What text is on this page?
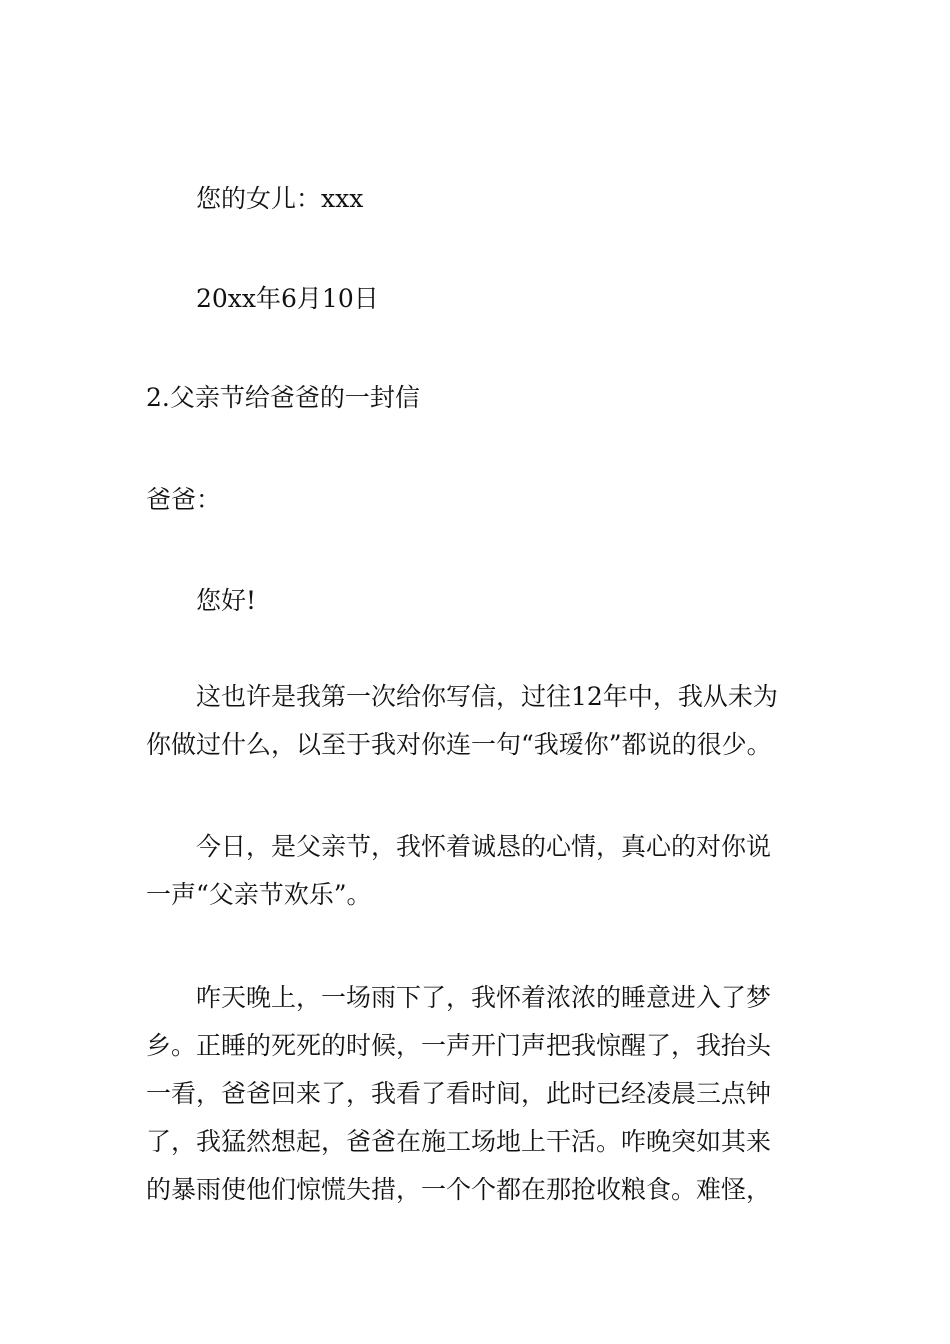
您的女儿：xxx
20xx年6月10日
2.父亲节给爸爸的一封信
爸爸：
您好!
这也许是我第一次给你写信，过往12年中，我从未为
你做过什么，以至于我对你连一句“我瑷你”都说的很少。
今日，是父亲节，我怀着诚恳的心情，真心的对你说
一声“父亲节欢乐”。
咋天晚上，一场雨下了，我怀着浓浓的睡意进入了梦
乡。正睡的死死的时候，一声开门声把我惊醒了，我抬头
一看，爸爸回来了，我看了看时间，此时已经凌晨三点钟
了，我猛然想起，爸爸在施工场地上干活。咋晚突如其来
的暴雨使他们惊慌失措，一个个都在那抢收粮食。难怪，
